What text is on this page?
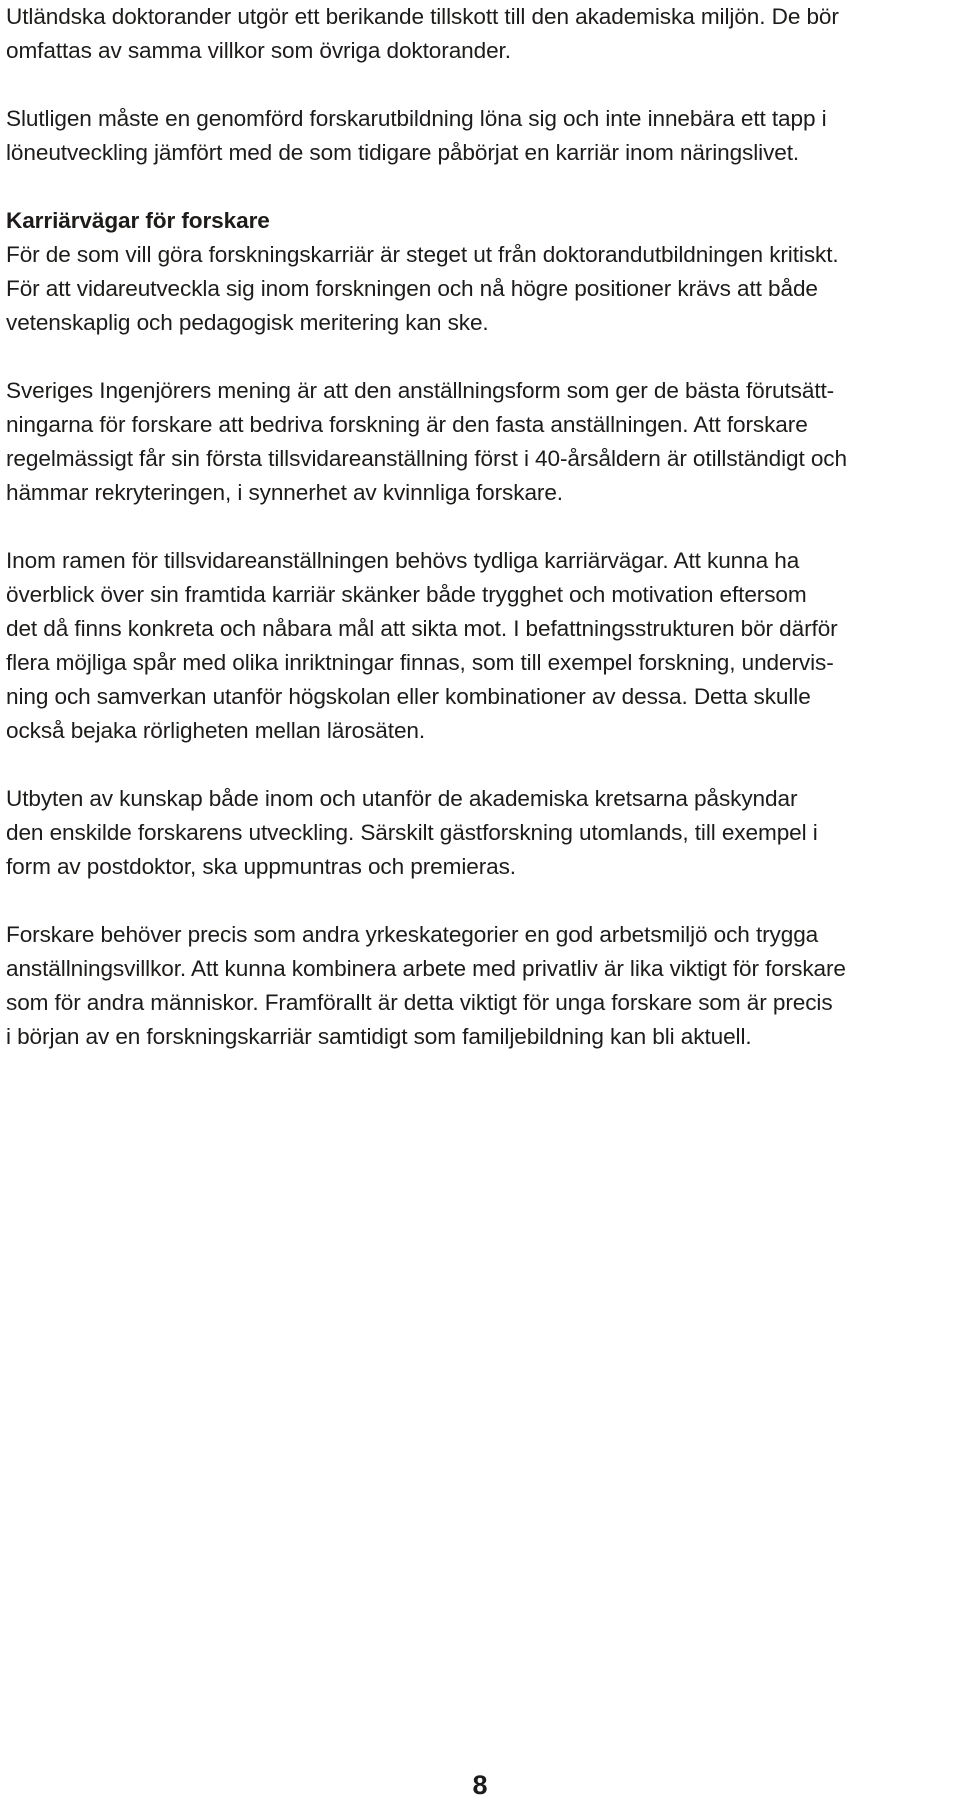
Utländska doktorander utgör ett berikande tillskott till den akademiska miljön. De bör
omfattas av samma villkor som övriga doktorander.
Slutligen måste en genomförd forskarutbildning löna sig och inte innebära ett tapp i
löneutveckling jämfört med de som tidigare påbörjat en karriär inom näringslivet.
Karriärvägar för forskare
För de som vill göra forskningskarriär är steget ut från doktorandutbildningen kritiskt.
För att vidareutveckla sig inom forskningen och nå högre positioner krävs att både
vetenskaplig och pedagogisk meritering kan ske.
Sveriges Ingenjörers mening är att den anställningsform som ger de bästa förutsätt-
ningarna för forskare att bedriva forskning är den fasta anställningen. Att forskare
regelmässigt får sin första tillsvidareanställning först i 40-årsåldern är otillständigt och
hämmar rekryteringen, i synnerhet av kvinnliga forskare.
Inom ramen för tillsvidareanställningen behövs tydliga karriärvägar. Att kunna ha
överblick över sin framtida karriär skänker både trygghet och motivation eftersom
det då finns konkreta och nåbara mål att sikta mot. I befattningsstrukturen bör därför
flera möjliga spår med olika inriktningar finnas, som till exempel forskning, undervis-
ning och samverkan utanför högskolan eller kombinationer av dessa. Detta skulle
också bejaka rörligheten mellan lärosäten.
Utbyten av kunskap både inom och utanför de akademiska kretsarna påskyndar
den enskilde forskarens utveckling. Särskilt gästforskning utomlands, till exempel i
form av postdoktor, ska uppmuntras och premieras.
Forskare behöver precis som andra yrkeskategorier en god arbetsmiljö och trygga
anställningsvillkor. Att kunna kombinera arbete med privatliv är lika viktigt för forskare
som för andra människor. Framförallt är detta viktigt för unga forskare som är precis
i början av en forskningskarriär samtidigt som familjebildning kan bli aktuell.
8
